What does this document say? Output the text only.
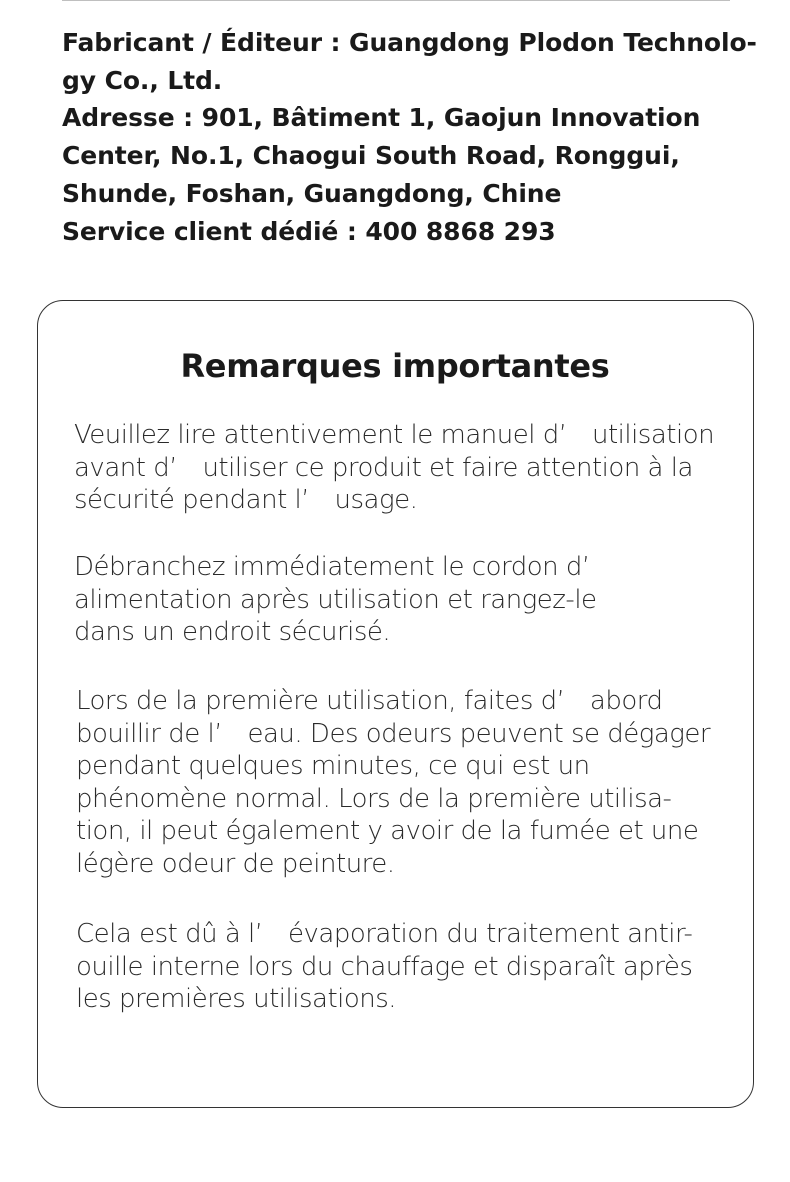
Fabricant / Éditeur : Guangdong Plodon Technolo-

gy Co., Ltd.

Adresse : 901, Bâtiment 1, Gaojun Innovation

Center, No.1, Chaogui South Road, Ronggui,

Shunde, Foshan, Guangdong, Chine

Service client dédié : 400 8868 293

Remarques importantes

Veuillez lire attentivement le manuel d’　utilisation
avant d’　utiliser ce produit et faire attention à la
sécurité pendant l’　usage.

Débranchez immédiatement le cordon d’
alimentation après utilisation et rangez-le
dans un endroit sécurisé.

Lors de la première utilisation, faites d’　abord
bouillir de l’　eau. Des odeurs peuvent se dégager
pendant quelques minutes, ce qui est un
phénomène normal. Lors de la première utilisa-
tion, il peut également y avoir de la fumée et une
légère odeur de peinture.

Cela est dû à l’　évaporation du traitement antir-
ouille interne lors du chauffage et disparaît après
les premières utilisations.
